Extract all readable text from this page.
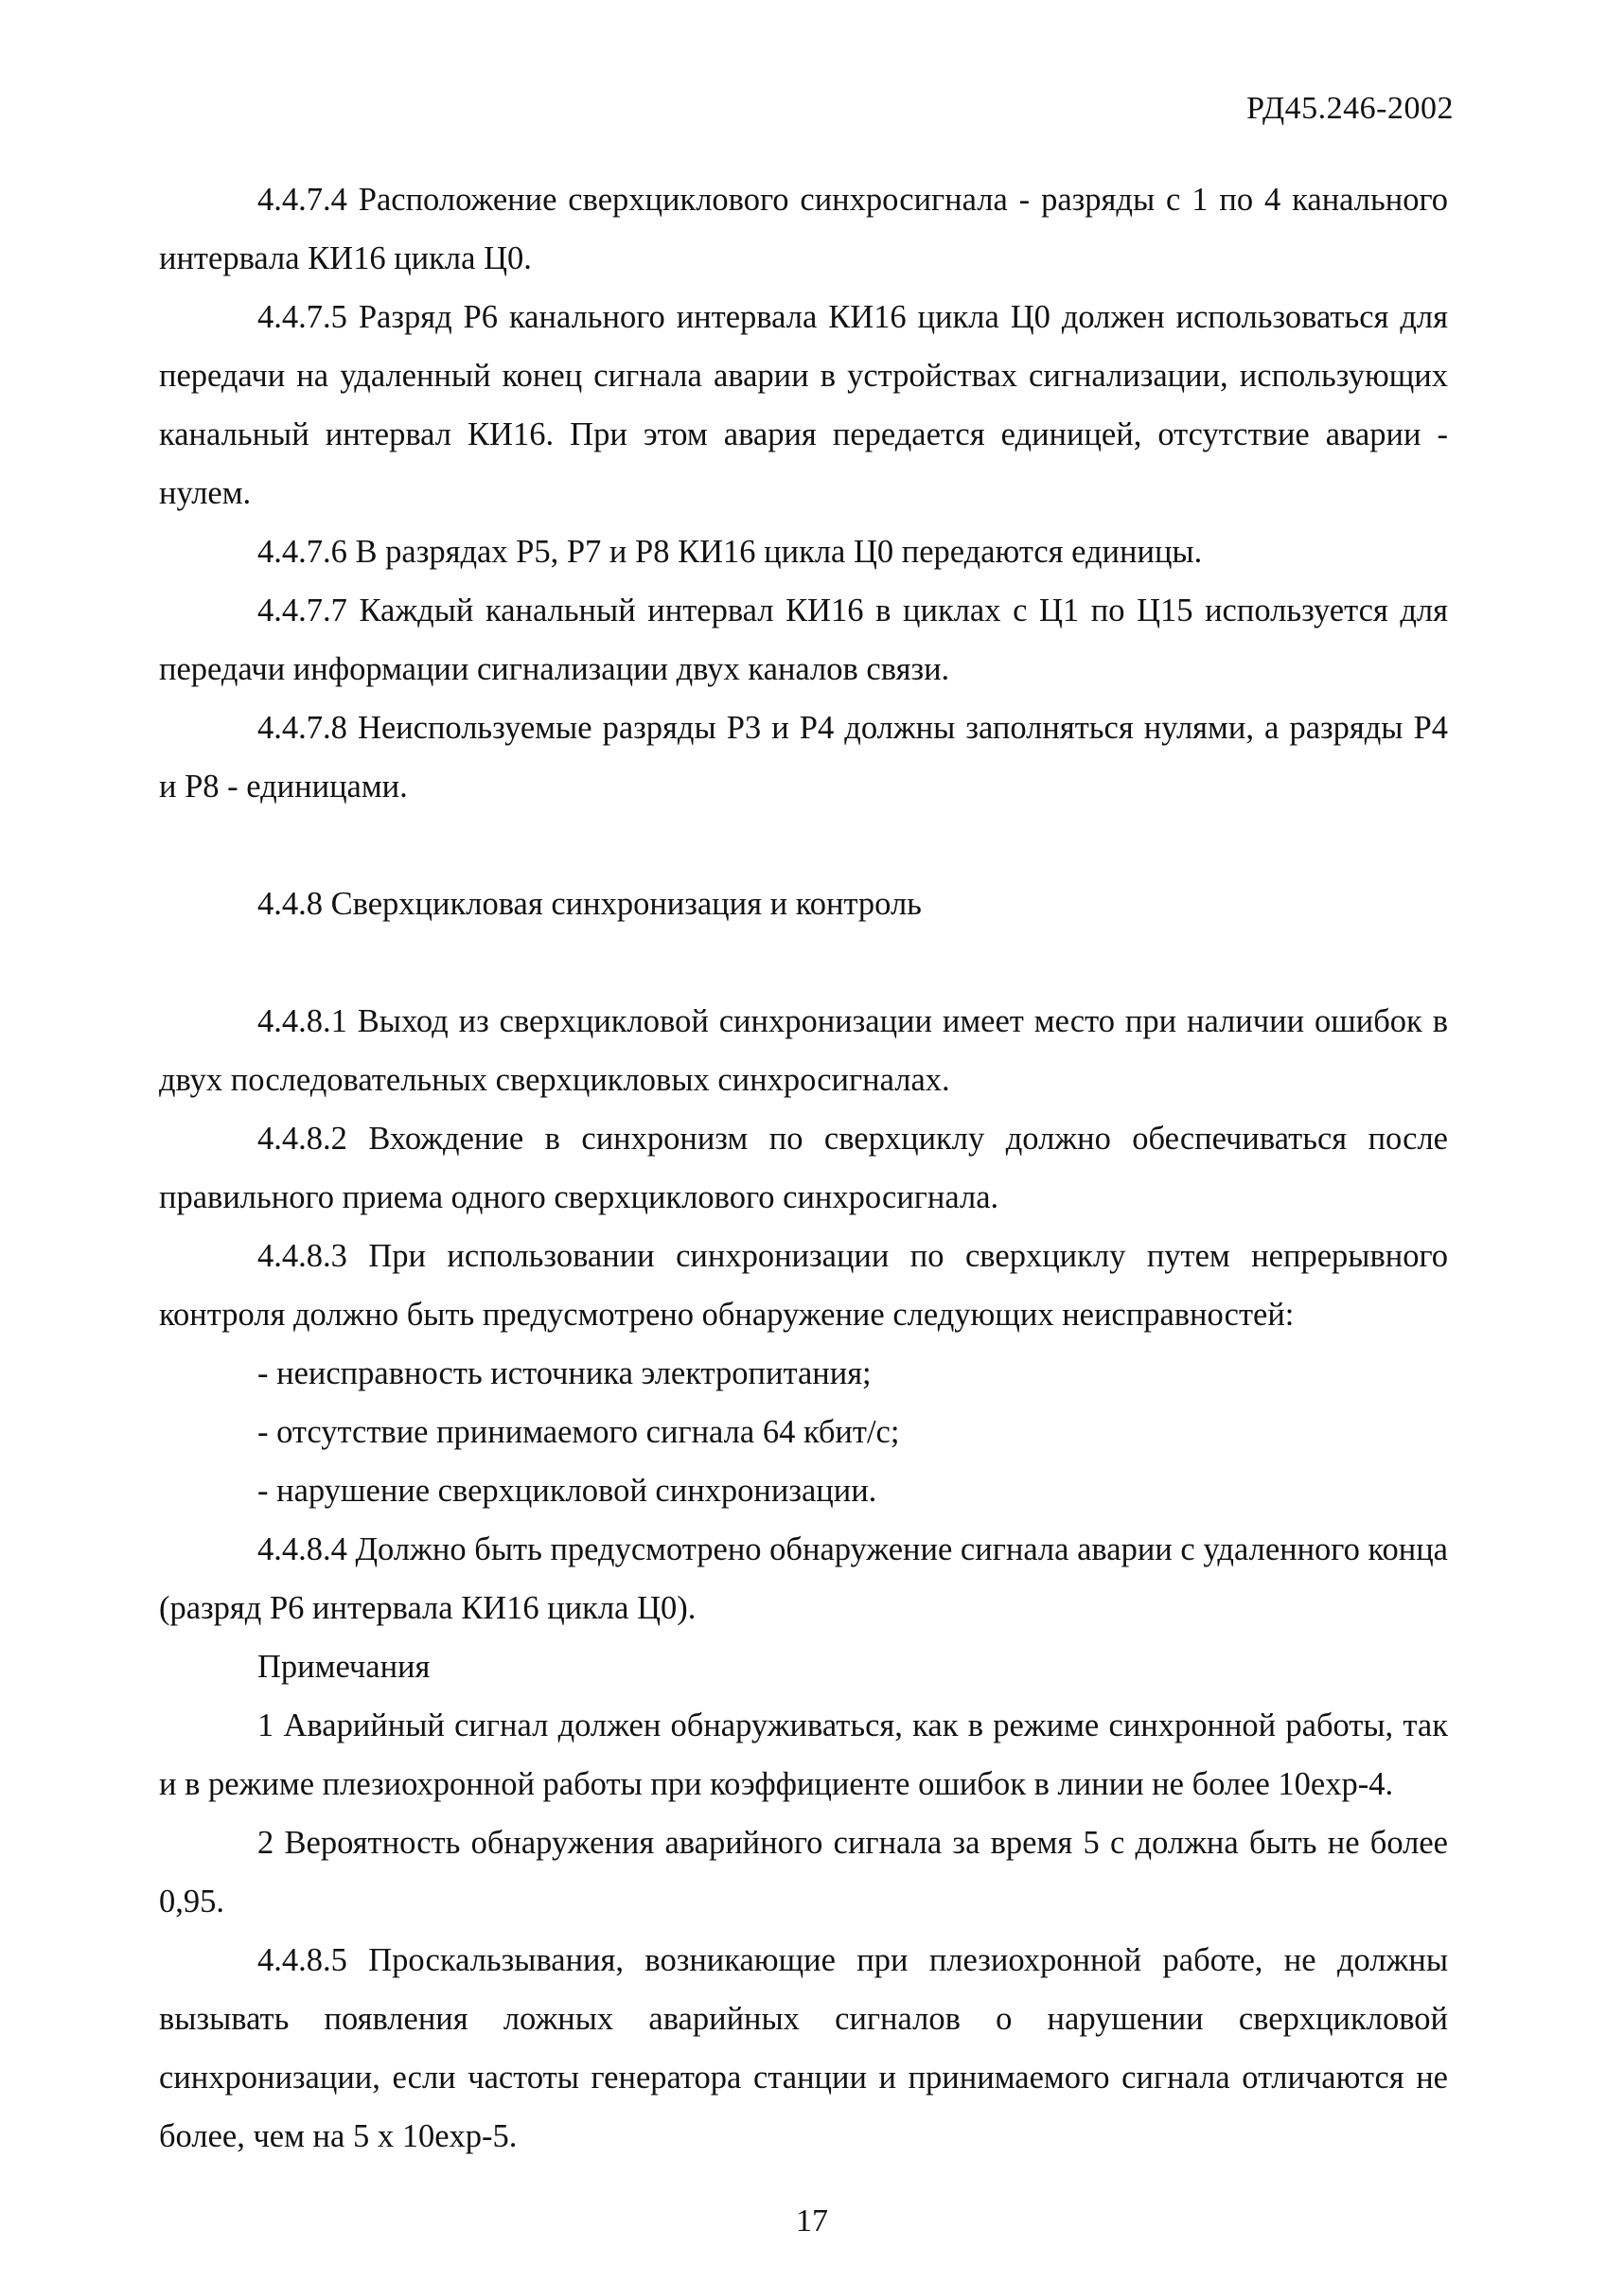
РД45.246-2002

4.4.7.4 Расположение сверхциклового синхросигнала - разряды с 1 по 4 канального интервала КИ16 цикла Ц0.

4.4.7.5 Разряд Р6 канального интервала КИ16 цикла Ц0 должен использоваться для передачи на удаленный конец сигнала аварии в устройствах сигнализации, использующих канальный интервал КИ16. При этом авария передается единицей, отсутствие аварии - нулем.

4.4.7.6 В разрядах Р5, Р7 и Р8 КИ16 цикла Ц0 передаются единицы.

4.4.7.7 Каждый канальный интервал КИ16 в циклах с Ц1 по Ц15 используется для передачи информации сигнализации двух каналов связи.

4.4.7.8 Неиспользуемые разряды Р3 и Р4 должны заполняться нулями, а разряды Р4 и Р8 - единицами.

4.4.8 Сверхцикловая синхронизация и контроль

4.4.8.1 Выход из сверхцикловой синхронизации имеет место при наличии ошибок в двух последовательных сверхцикловых синхросигналах.

4.4.8.2 Вхождение в синхронизм по сверхциклу должно обеспечиваться после правильного приема одного сверхциклового синхросигнала.

4.4.8.3 При использовании синхронизации по сверхциклу путем непрерывного контроля должно быть предусмотрено обнаружение следующих неисправностей:

- неисправность источника электропитания;

- отсутствие принимаемого сигнала 64 кбит/с;

- нарушение сверхцикловой синхронизации.

4.4.8.4 Должно быть предусмотрено обнаружение сигнала аварии с удаленного конца (разряд Р6 интервала КИ16 цикла Ц0).

Примечания

1 Аварийный сигнал должен обнаруживаться, как в режиме синхронной работы, так и в режиме плезиохронной работы при коэффициенте ошибок в линии не более 10exp-4.

2 Вероятность обнаружения аварийного сигнала за время 5 с должна быть не более 0,95.

4.4.8.5 Проскальзывания, возникающие при плезиохронной работе, не должны вызывать появления ложных аварийных сигналов о нарушении сверхцикловой синхронизации, если частоты генератора станции и принимаемого сигнала отличаются не более, чем на 5 х 10exp-5.

17
